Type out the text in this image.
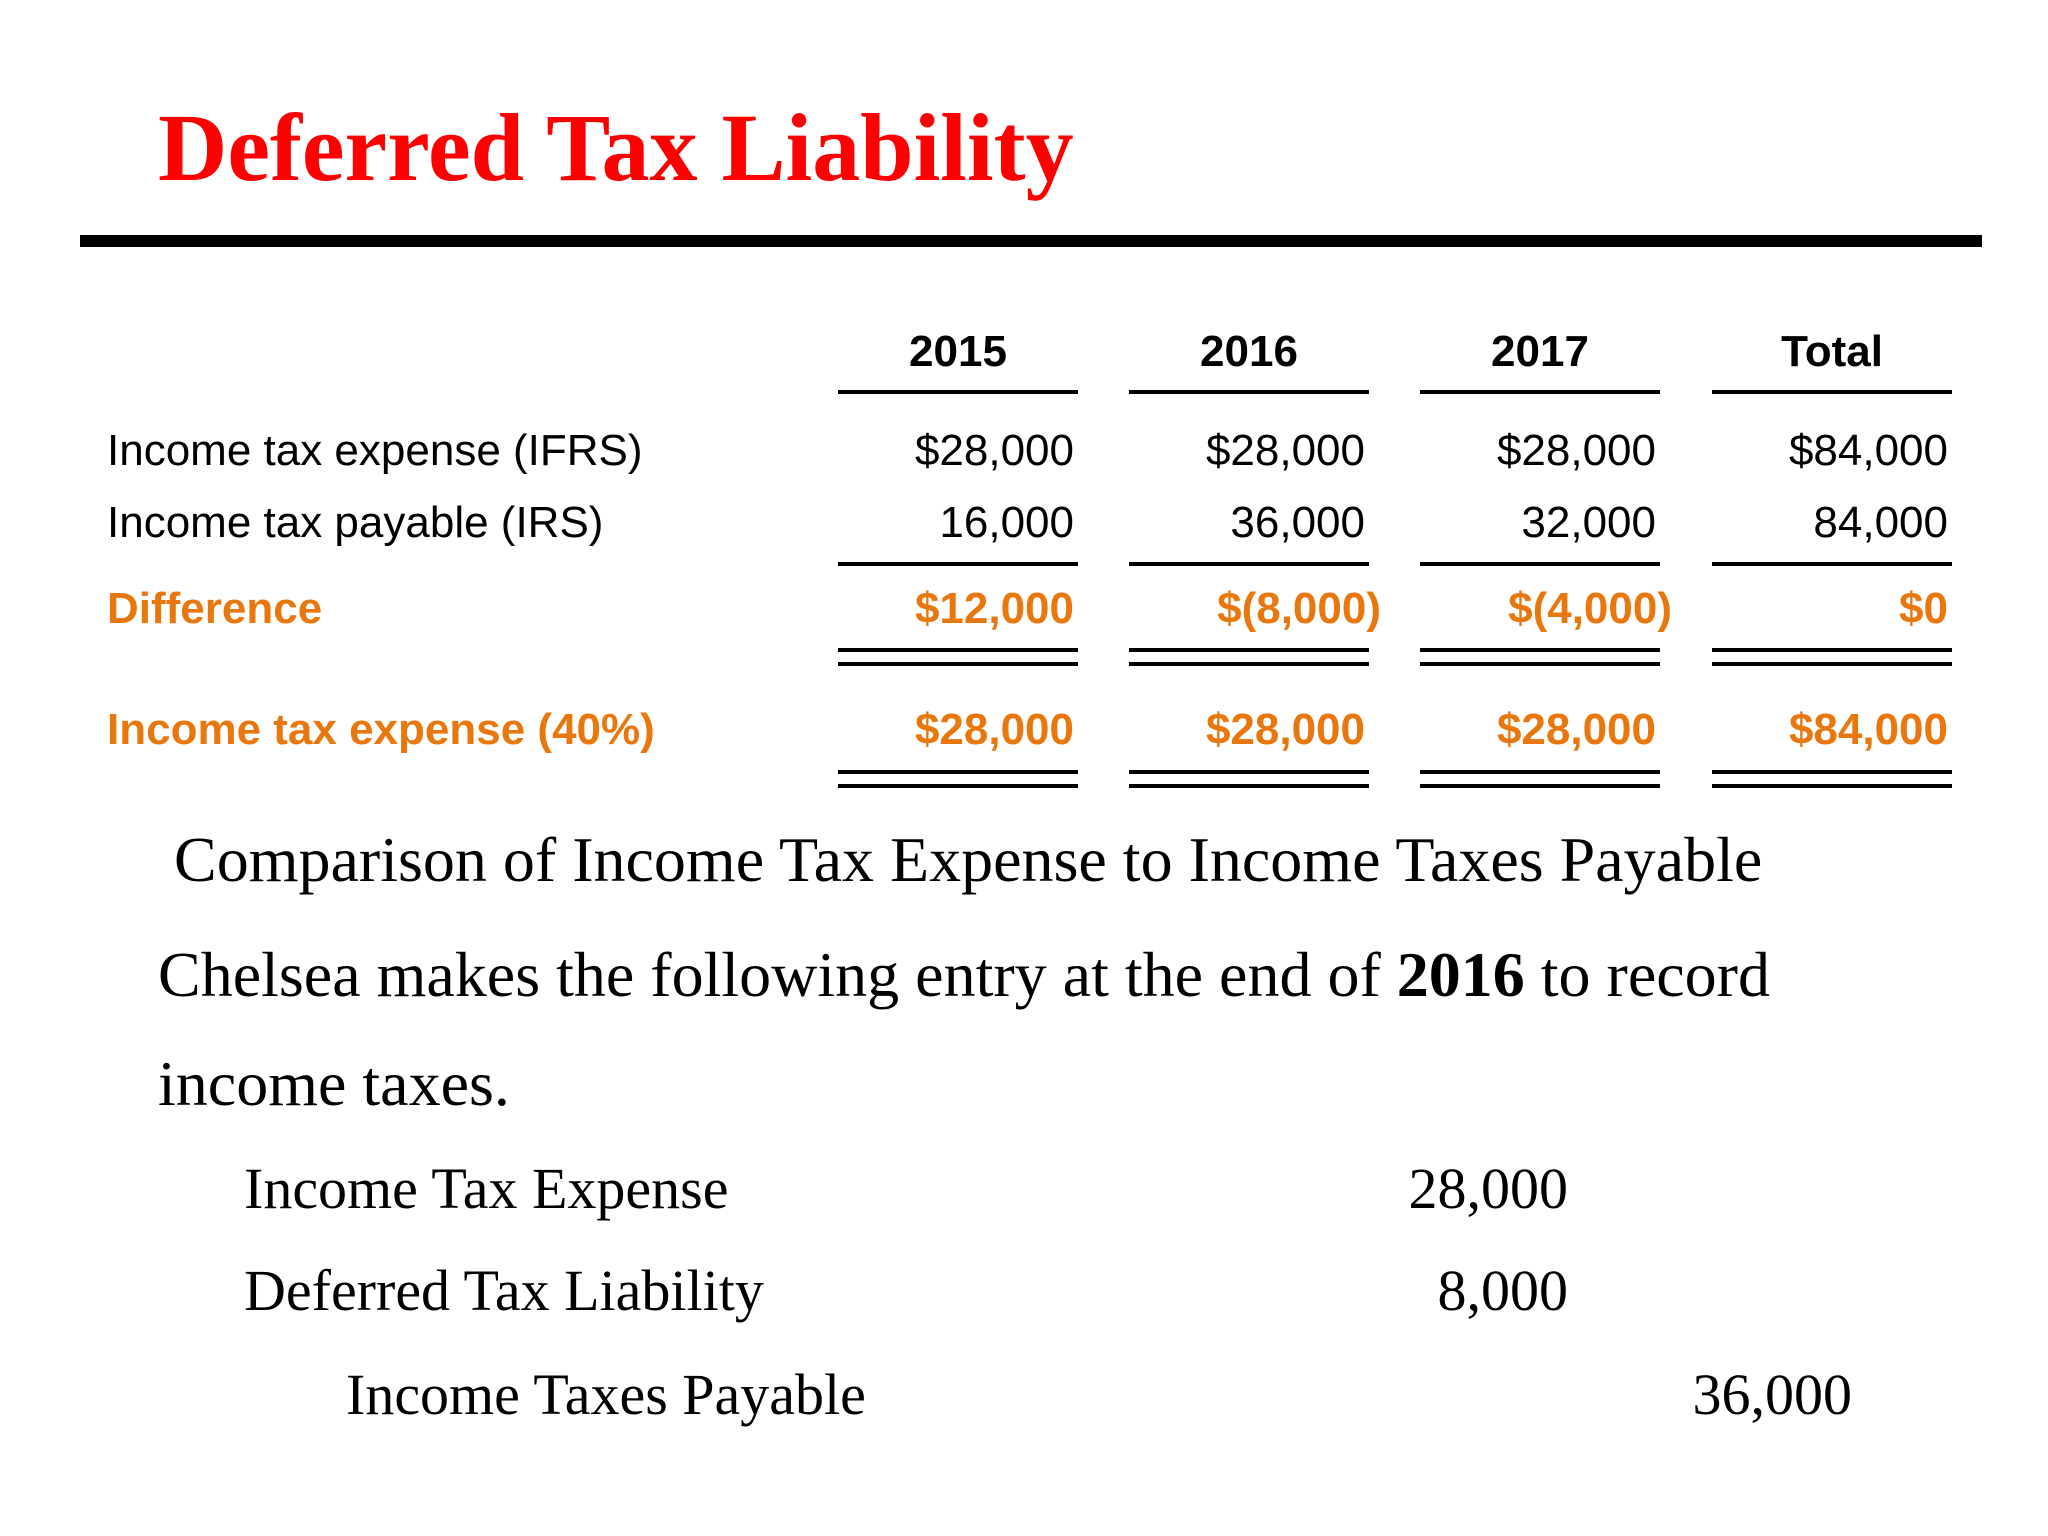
Deferred Tax Liability
2015	2016	2017	Total
Income tax expense (IFRS)	$28,000	$28,000	$28,000	$84,000
Income tax payable (IRS)	16,000	36,000	32,000	84,000
Difference	$12,000	$(8,000)	$(4,000)	$0
Income tax expense (40%)	$28,000	$28,000	$28,000	$84,000
Comparison of Income Tax Expense to Income Taxes Payable
Chelsea makes the following entry at the end of 2016 to record
income taxes.
Income Tax Expense	28,000
Deferred Tax Liability	8,000
Income Taxes Payable	36,000
